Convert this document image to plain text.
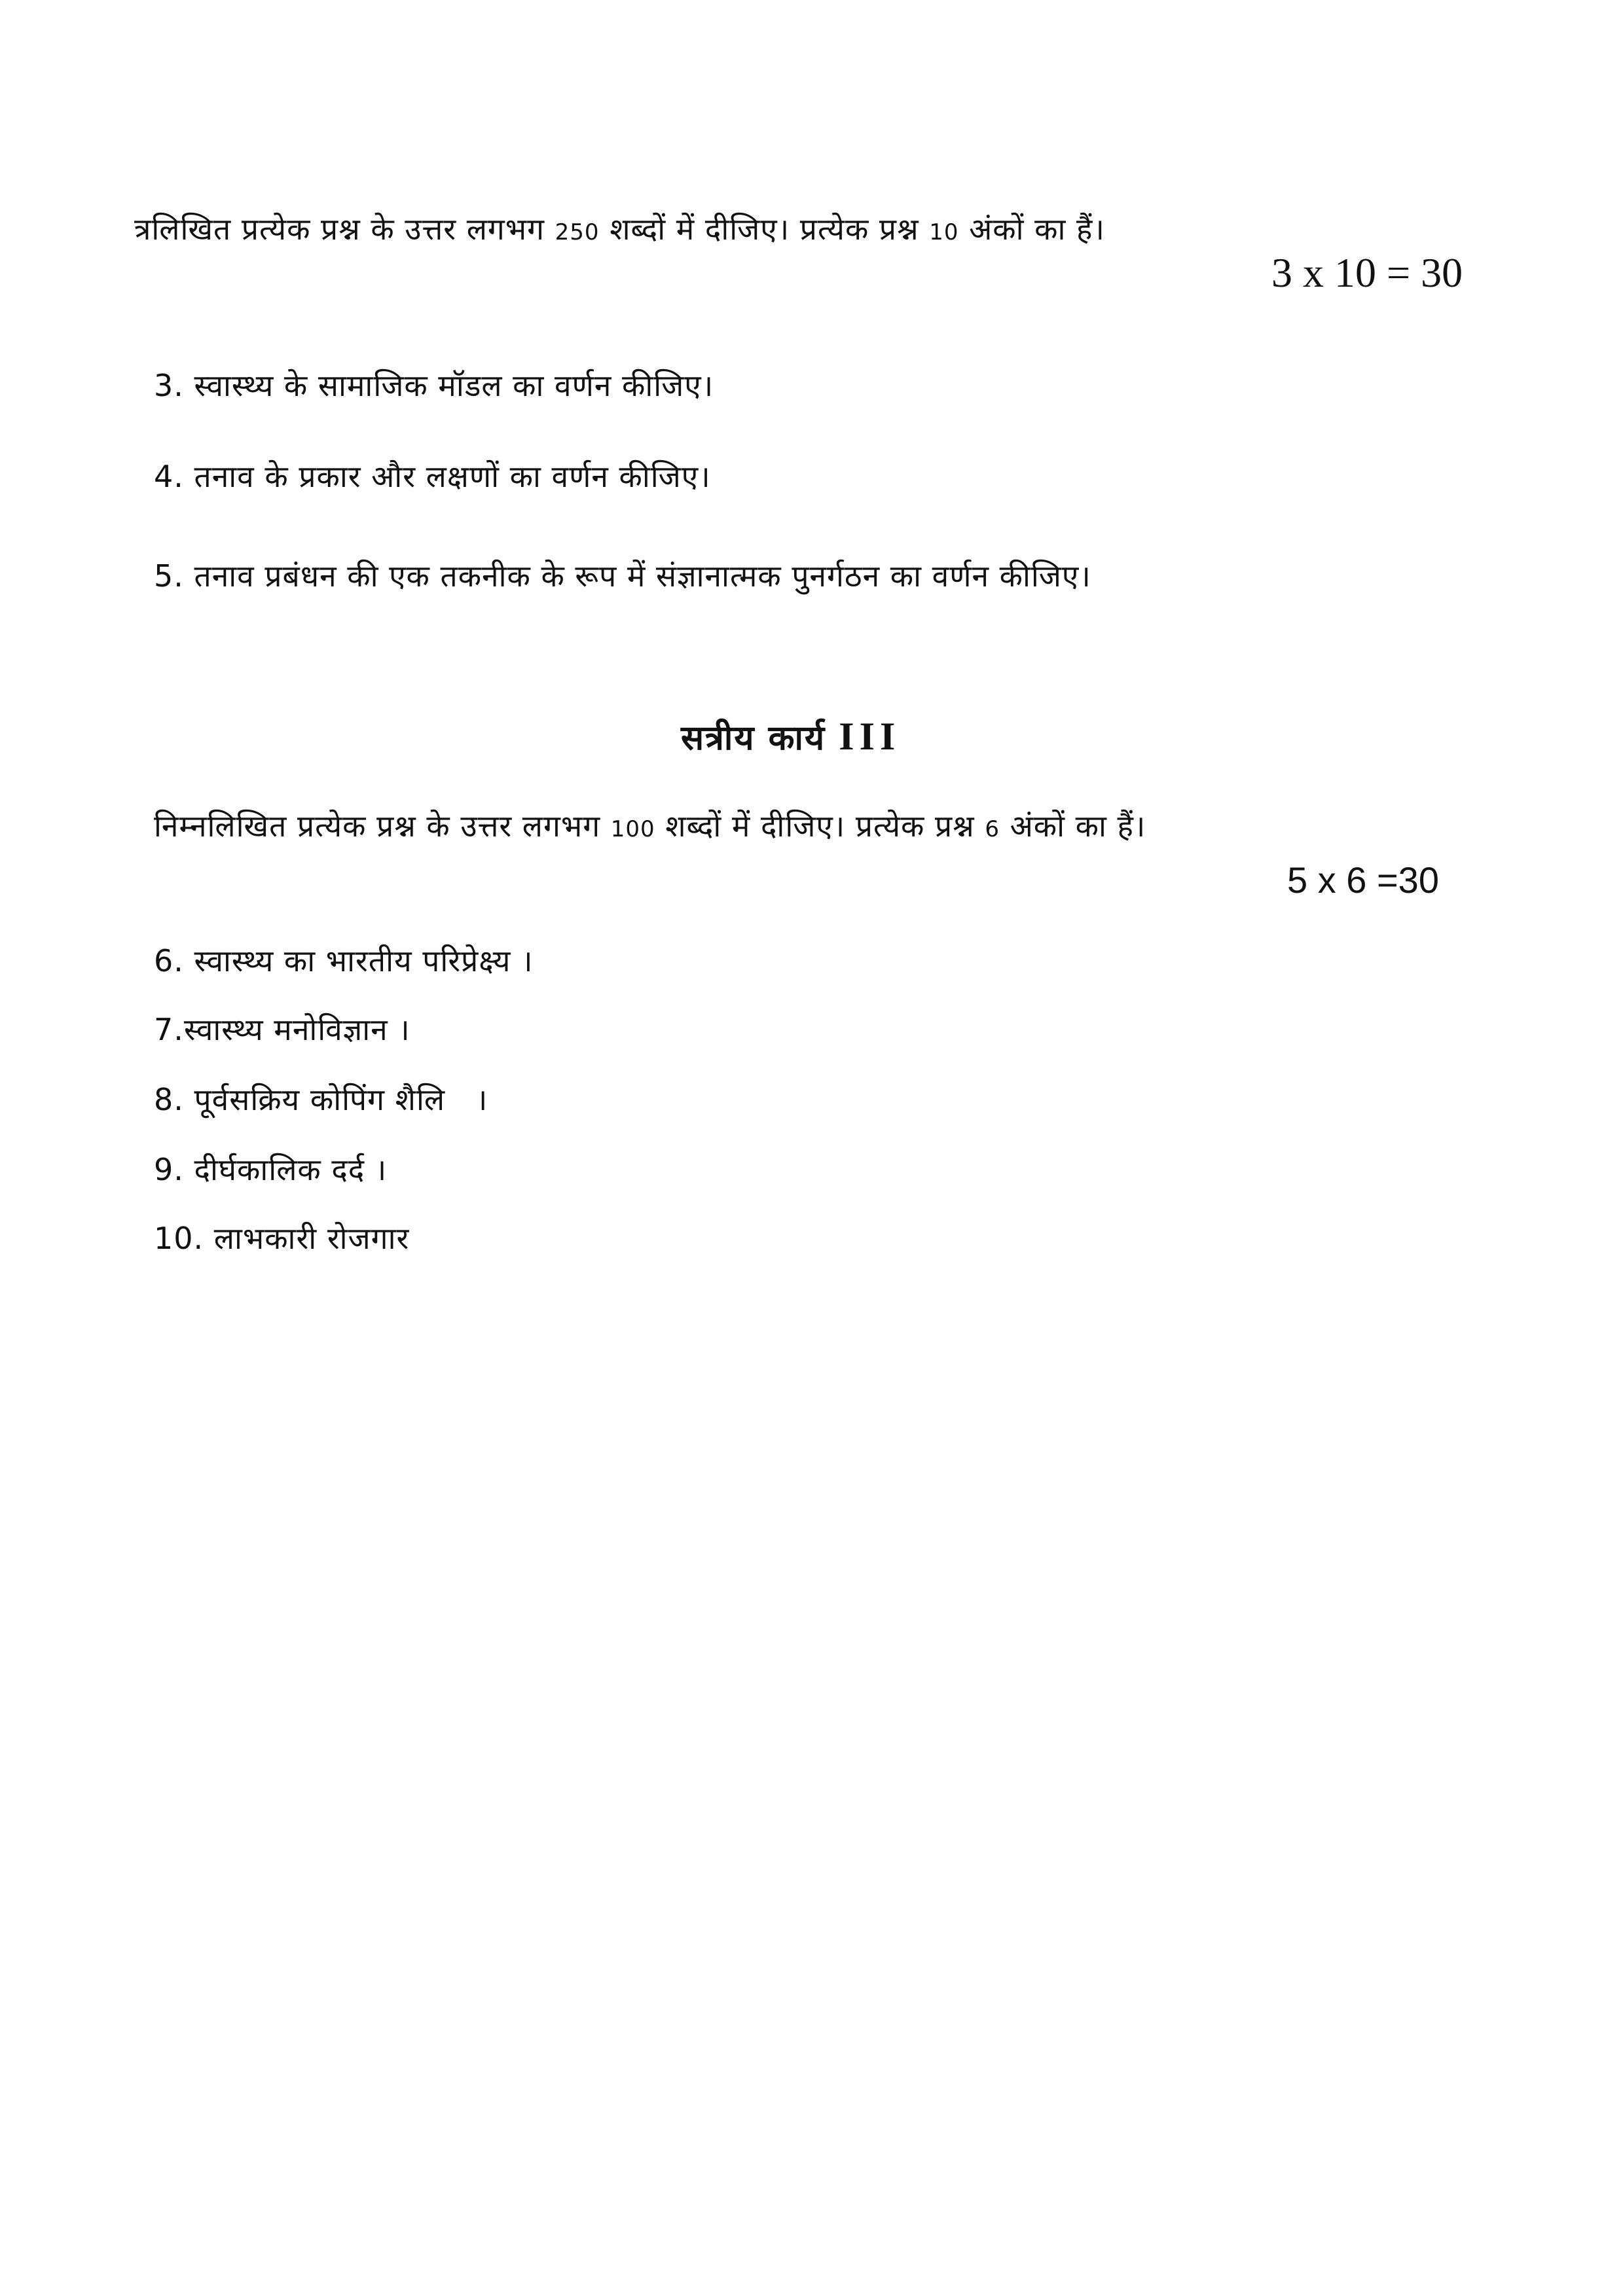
त्रलिखित प्रत्येक प्रश्न के उत्तर लगभग 250 शब्दों में दीजिए। प्रत्येक प्रश्न 10 अंकों का हैं।
3 x 10 = 30
3. स्वास्थ्य के सामाजिक मॉडल का वर्णन कीजिए।
4. तनाव के प्रकार और लक्षणों का वर्णन कीजिए।
5. तनाव प्रबंधन की एक तकनीक के रूप में संज्ञानात्मक पुनर्गठन का वर्णन कीजिए।
सत्रीय कार्य III
निम्नलिखित प्रत्येक प्रश्न के उत्तर लगभग 100 शब्दों में दीजिए। प्रत्येक प्रश्न 6 अंकों का हैं।
5 x 6 =30
6. स्वास्थ्य का भारतीय परिप्रेक्ष्य ।
7.स्वास्थ्य मनोविज्ञान ।
8. पूर्वसक्रिय कोपिंग शैलि   ।
9. दीर्घकालिक दर्द ।
10. लाभकारी रोजगार
